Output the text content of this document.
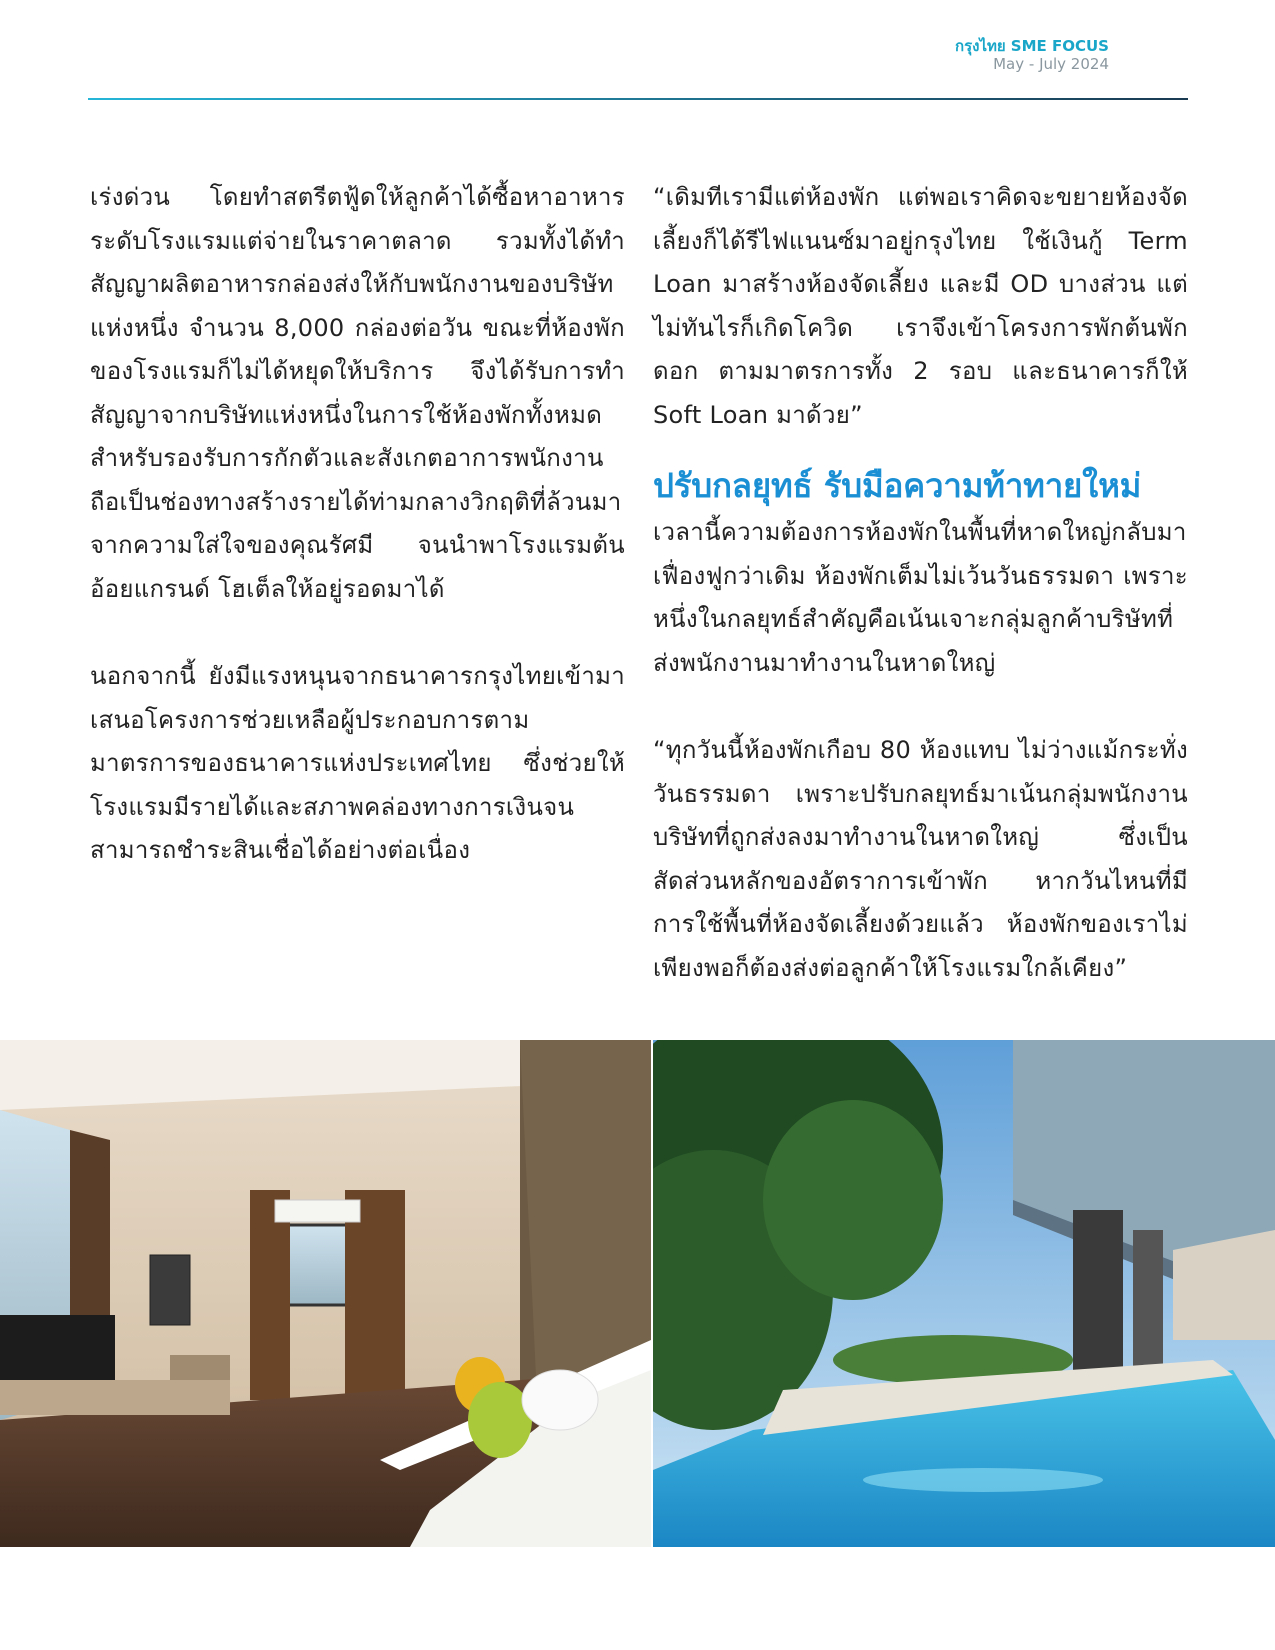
กรุงไทย SME FOCUS
May - July 2024

เร่งด่วน โดยทำสตรีตฟู้ดให้ลูกค้าได้ซื้อหาอาหารระดับโรงแรมแต่จ่ายในราคาตลาด รวมทั้งได้ทำสัญญาผลิตอาหารกล่องส่งให้กับพนักงานของบริษัทแห่งหนึ่ง จำนวน 8,000 กล่องต่อวัน ขณะที่ห้องพักของโรงแรมก็ไม่ได้หยุดให้บริการ จึงได้รับการทำสัญญาจากบริษัทแห่งหนึ่งในการใช้ห้องพักทั้งหมดสำหรับรองรับการกักตัวและสังเกตอาการพนักงาน ถือเป็นช่องทางสร้างรายได้ท่ามกลางวิกฤติที่ล้วนมาจากความใส่ใจของคุณรัศมี จนนำพาโรงแรมต้นอ้อยแกรนด์ โฮเต็ลให้อยู่รอดมาได้

นอกจากนี้ ยังมีแรงหนุนจากธนาคารกรุงไทยเข้ามาเสนอโครงการช่วยเหลือผู้ประกอบการตามมาตรการของธนาคารแห่งประเทศไทย ซึ่งช่วยให้โรงแรมมีรายได้และสภาพคล่องทางการเงินจนสามารถชำระสินเชื่อได้อย่างต่อเนื่อง

“เดิมทีเรามีแต่ห้องพัก แต่พอเราคิดจะขยายห้องจัดเลี้ยงก็ได้รีไฟแนนซ์มาอยู่กรุงไทย ใช้เงินกู้ Term Loan มาสร้างห้องจัดเลี้ยง และมี OD บางส่วน แต่ไม่ทันไรก็เกิดโควิด เราจึงเข้าโครงการพักต้นพักดอก ตามมาตรการทั้ง 2 รอบ และธนาคารก็ให้ Soft Loan มาด้วย”

ปรับกลยุทธ์ รับมือความท้าทายใหม่

เวลานี้ความต้องการห้องพักในพื้นที่หาดใหญ่กลับมาเฟื่องฟูกว่าเดิม ห้องพักเต็มไม่เว้นวันธรรมดา เพราะหนึ่งในกลยุทธ์สำคัญคือเน้นเจาะกลุ่มลูกค้าบริษัทที่ส่งพนักงานมาทำงานในหาดใหญ่

“ทุกวันนี้ห้องพักเกือบ 80 ห้องแทบ ไม่ว่างแม้กระทั่งวันธรรมดา เพราะปรับกลยุทธ์มาเน้นกลุ่มพนักงานบริษัทที่ถูกส่งลงมาทำงานในหาดใหญ่ ซึ่งเป็นสัดส่วนหลักของอัตราการเข้าพัก หากวันไหนที่มีการใช้พื้นที่ห้องจัดเลี้ยงด้วยแล้ว ห้องพักของเราไม่เพียงพอก็ต้องส่งต่อลูกค้าให้โรงแรมใกล้เคียง”
